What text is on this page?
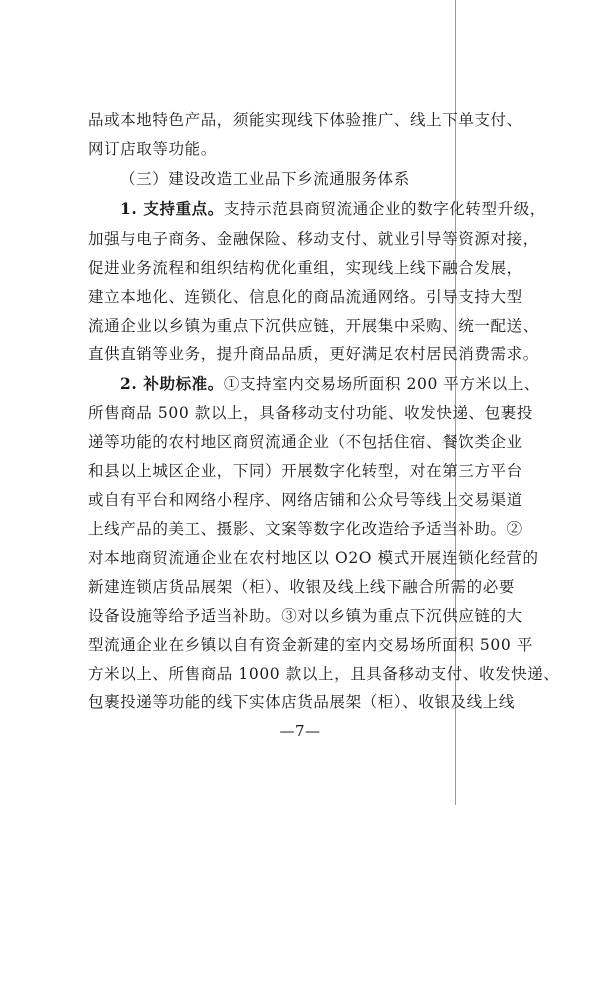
品或本地特色产品，须能实现线下体验推广、线上下单支付、
网订店取等功能。
（三）建设改造工业品下乡流通服务体系
1. 支持重点。支持示范县商贸流通企业的数字化转型升级，
加强与电子商务、金融保险、移动支付、就业引导等资源对接，
促进业务流程和组织结构优化重组，实现线上线下融合发展，
建立本地化、连锁化、信息化的商品流通网络。引导支持大型
流通企业以乡镇为重点下沉供应链，开展集中采购、统一配送、
直供直销等业务，提升商品品质，更好满足农村居民消费需求。
2. 补助标准。①支持室内交易场所面积 200 平方米以上、
所售商品 500 款以上，具备移动支付功能、收发快递、包裹投
递等功能的农村地区商贸流通企业（不包括住宿、餐饮类企业
和县以上城区企业，下同）开展数字化转型，对在第三方平台
或自有平台和网络小程序、网络店铺和公众号等线上交易渠道
上线产品的美工、摄影、文案等数字化改造给予适当补助。②
对本地商贸流通企业在农村地区以 O2O 模式开展连锁化经营的
新建连锁店货品展架（柜）、收银及线上线下融合所需的必要
设备设施等给予适当补助。③对以乡镇为重点下沉供应链的大
型流通企业在乡镇以自有资金新建的室内交易场所面积 500 平
方米以上、所售商品 1000 款以上，且具备移动支付、收发快递、
包裹投递等功能的线下实体店货品展架（柜）、收银及线上线
—7—
